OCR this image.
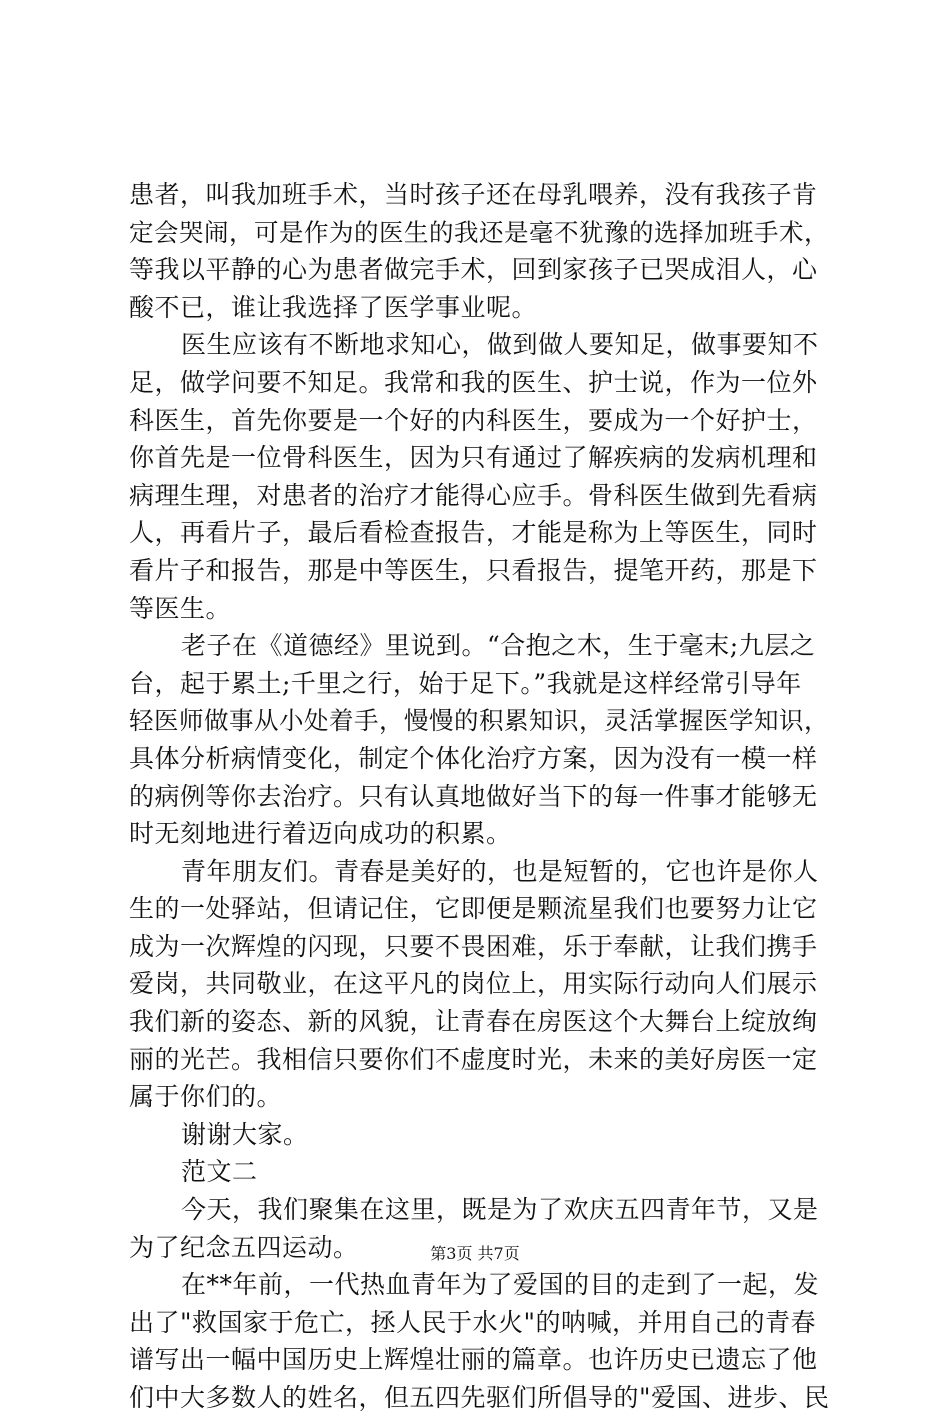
患者，叫我加班手术，当时孩子还在母乳喂养，没有我孩子肯
定会哭闹，可是作为的医生的我还是毫不犹豫的选择加班手术，
等我以平静的心为患者做完手术，回到家孩子已哭成泪人，心
酸不已，谁让我选择了医学事业呢。
医生应该有不断地求知心，做到做人要知足，做事要知不
足，做学问要不知足。我常和我的医生、护士说，作为一位外
科医生，首先你要是一个好的内科医生，要成为一个好护士，
你首先是一位骨科医生，因为只有通过了解疾病的发病机理和
病理生理，对患者的治疗才能得心应手。骨科医生做到先看病
人，再看片子，最后看检查报告，才能是称为上等医生，同时
看片子和报告，那是中等医生，只看报告，提笔开药，那是下
等医生。
老子在《道德经》里说到。“合抱之木，生于毫末;九层之
台，起于累土;千里之行，始于足下。”我就是这样经常引导年
轻医师做事从小处着手，慢慢的积累知识，灵活掌握医学知识，
具体分析病情变化，制定个体化治疗方案，因为没有一模一样
的病例等你去治疗。只有认真地做好当下的每一件事才能够无
时无刻地进行着迈向成功的积累。
青年朋友们。青春是美好的，也是短暂的，它也许是你人
生的一处驿站，但请记住，它即便是颗流星我们也要努力让它
成为一次辉煌的闪现，只要不畏困难，乐于奉献，让我们携手
爱岗，共同敬业，在这平凡的岗位上，用实际行动向人们展示
我们新的姿态、新的风貌，让青春在房医这个大舞台上绽放绚
丽的光芒。我相信只要你们不虚度时光，未来的美好房医一定
属于你们的。
谢谢大家。
范文二
今天，我们聚集在这里，既是为了欢庆五四青年节，又是
为了纪念五四运动。
在**年前，一代热血青年为了爱国的目的走到了一起，发
出了"救国家于危亡，拯人民于水火"的呐喊，并用自己的青春
谱写出一幅中国历史上辉煌壮丽的篇章。也许历史已遗忘了他
们中大多数人的姓名，但五四先驱们所倡导的"爱国、进步、民
第3页 共7页
